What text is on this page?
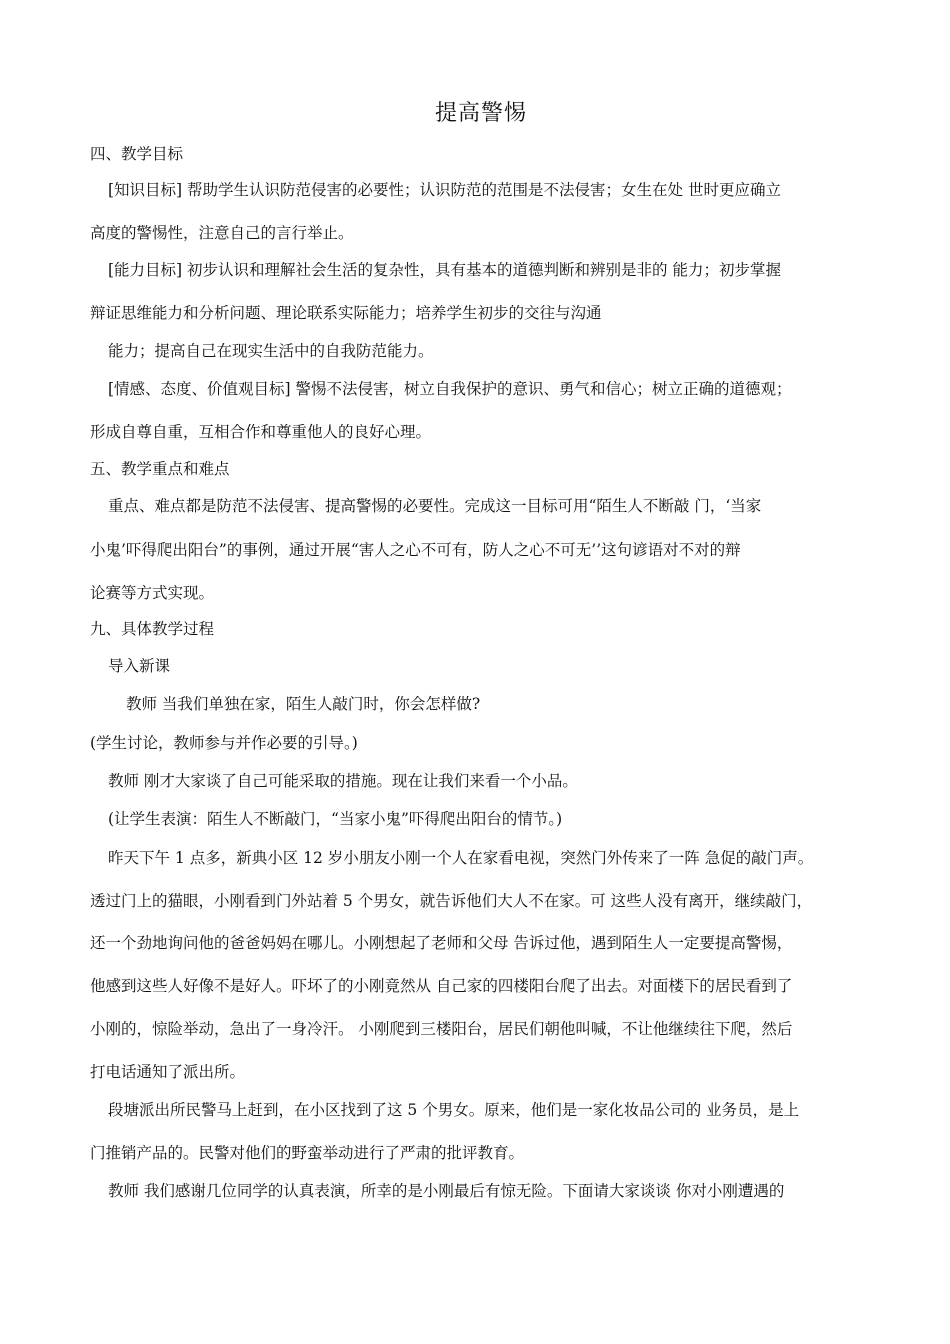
提高警惕
四、教学目标
[知识目标] 帮助学生认识防范侵害的必要性；认识防范的范围是不法侵害；女生在处 世时更应确立
高度的警惕性，注意自己的言行举止。
[能力目标] 初步认识和理解社会生活的复杂性，具有基本的道德判断和辨别是非的 能力；初步掌握
辩证思维能力和分析问题、理论联系实际能力；培养学生初步的交往与沟通
能力；提高自己在现实生活中的自我防范能力。
[情感、态度、价值观目标] 警惕不法侵害，树立自我保护的意识、勇气和信心；树立正确的道德观；
形成自尊自重，互相合作和尊重他人的良好心理。
五、教学重点和难点
重点、难点都是防范不法侵害、提高警惕的必要性。完成这一目标可用“陌生人不断敲 门，‘当家
小鬼’吓得爬出阳台”的事例，通过开展“害人之心不可有，防人之心不可无’’这句谚语对不对的辩
论赛等方式实现。
九、具体教学过程
导入新课
教师 当我们单独在家，陌生人敲门时，你会怎样做?
(学生讨论，教师参与并作必要的引导。)
教师 刚才大家谈了自己可能采取的措施。现在让我们来看一个小品。
(让学生表演：陌生人不断敲门，“当家小鬼”吓得爬出阳台的情节。)
昨天下午 1 点多，新典小区 12 岁小朋友小刚一个人在家看电视，突然门外传来了一阵 急促的敲门声。
透过门上的猫眼，小刚看到门外站着 5 个男女，就告诉他们大人不在家。可 这些人没有离开，继续敲门，
还一个劲地询问他的爸爸妈妈在哪儿。小刚想起了老师和父母 告诉过他，遇到陌生人一定要提高警惕，
他感到这些人好像不是好人。吓坏了的小刚竟然从 自己家的四楼阳台爬了出去。对面楼下的居民看到了
小刚的，惊险举动，急出了一身冷汗。 小刚爬到三楼阳台，居民们朝他叫喊，不让他继续往下爬，然后
打电话通知了派出所。
段塘派出所民警马上赶到，在小区找到了这 5 个男女。原来，他们是一家化妆品公司的 业务员，是上
门推销产品的。民警对他们的野蛮举动进行了严肃的批评教育。
教师 我们感谢几位同学的认真表演，所幸的是小刚最后有惊无险。下面请大家谈谈 你对小刚遭遇的
